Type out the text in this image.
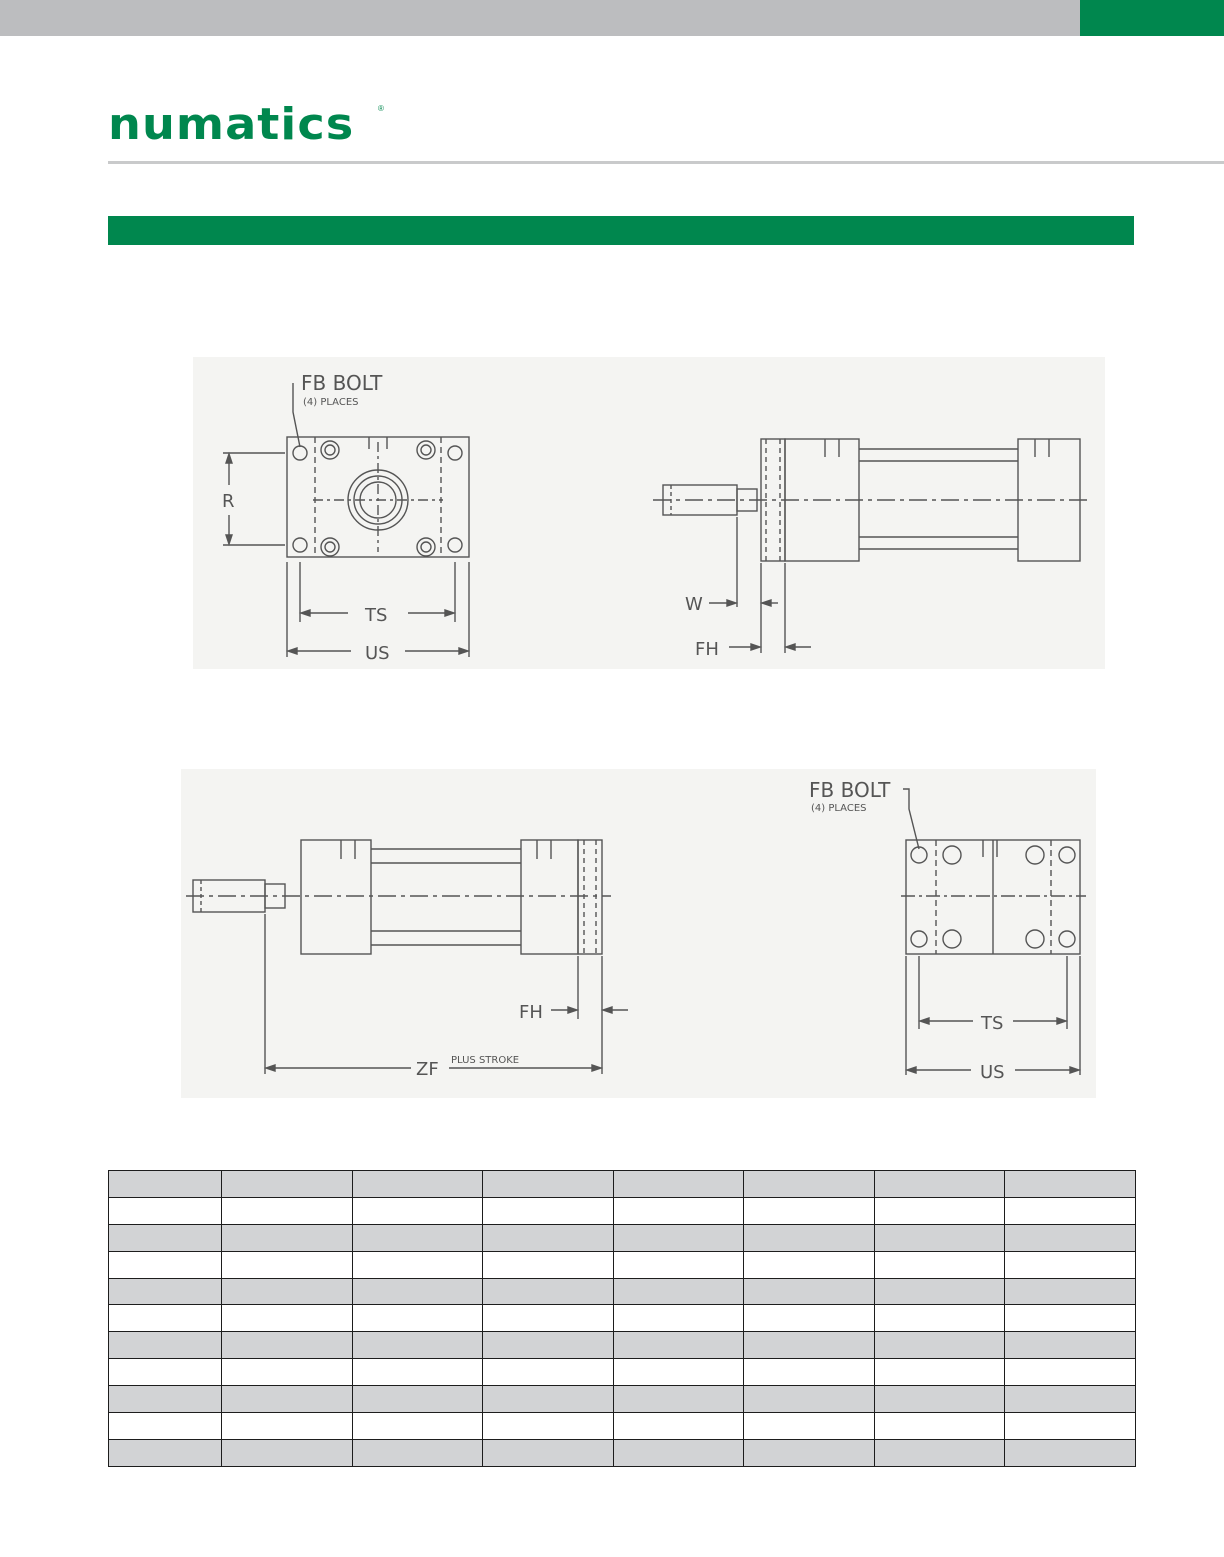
numatics	®
FB BOLT
(4) PLACES
R
TS
US
W
FH
FH
ZF PLUS STROKE
FB BOLT
(4) PLACES
TS
US
